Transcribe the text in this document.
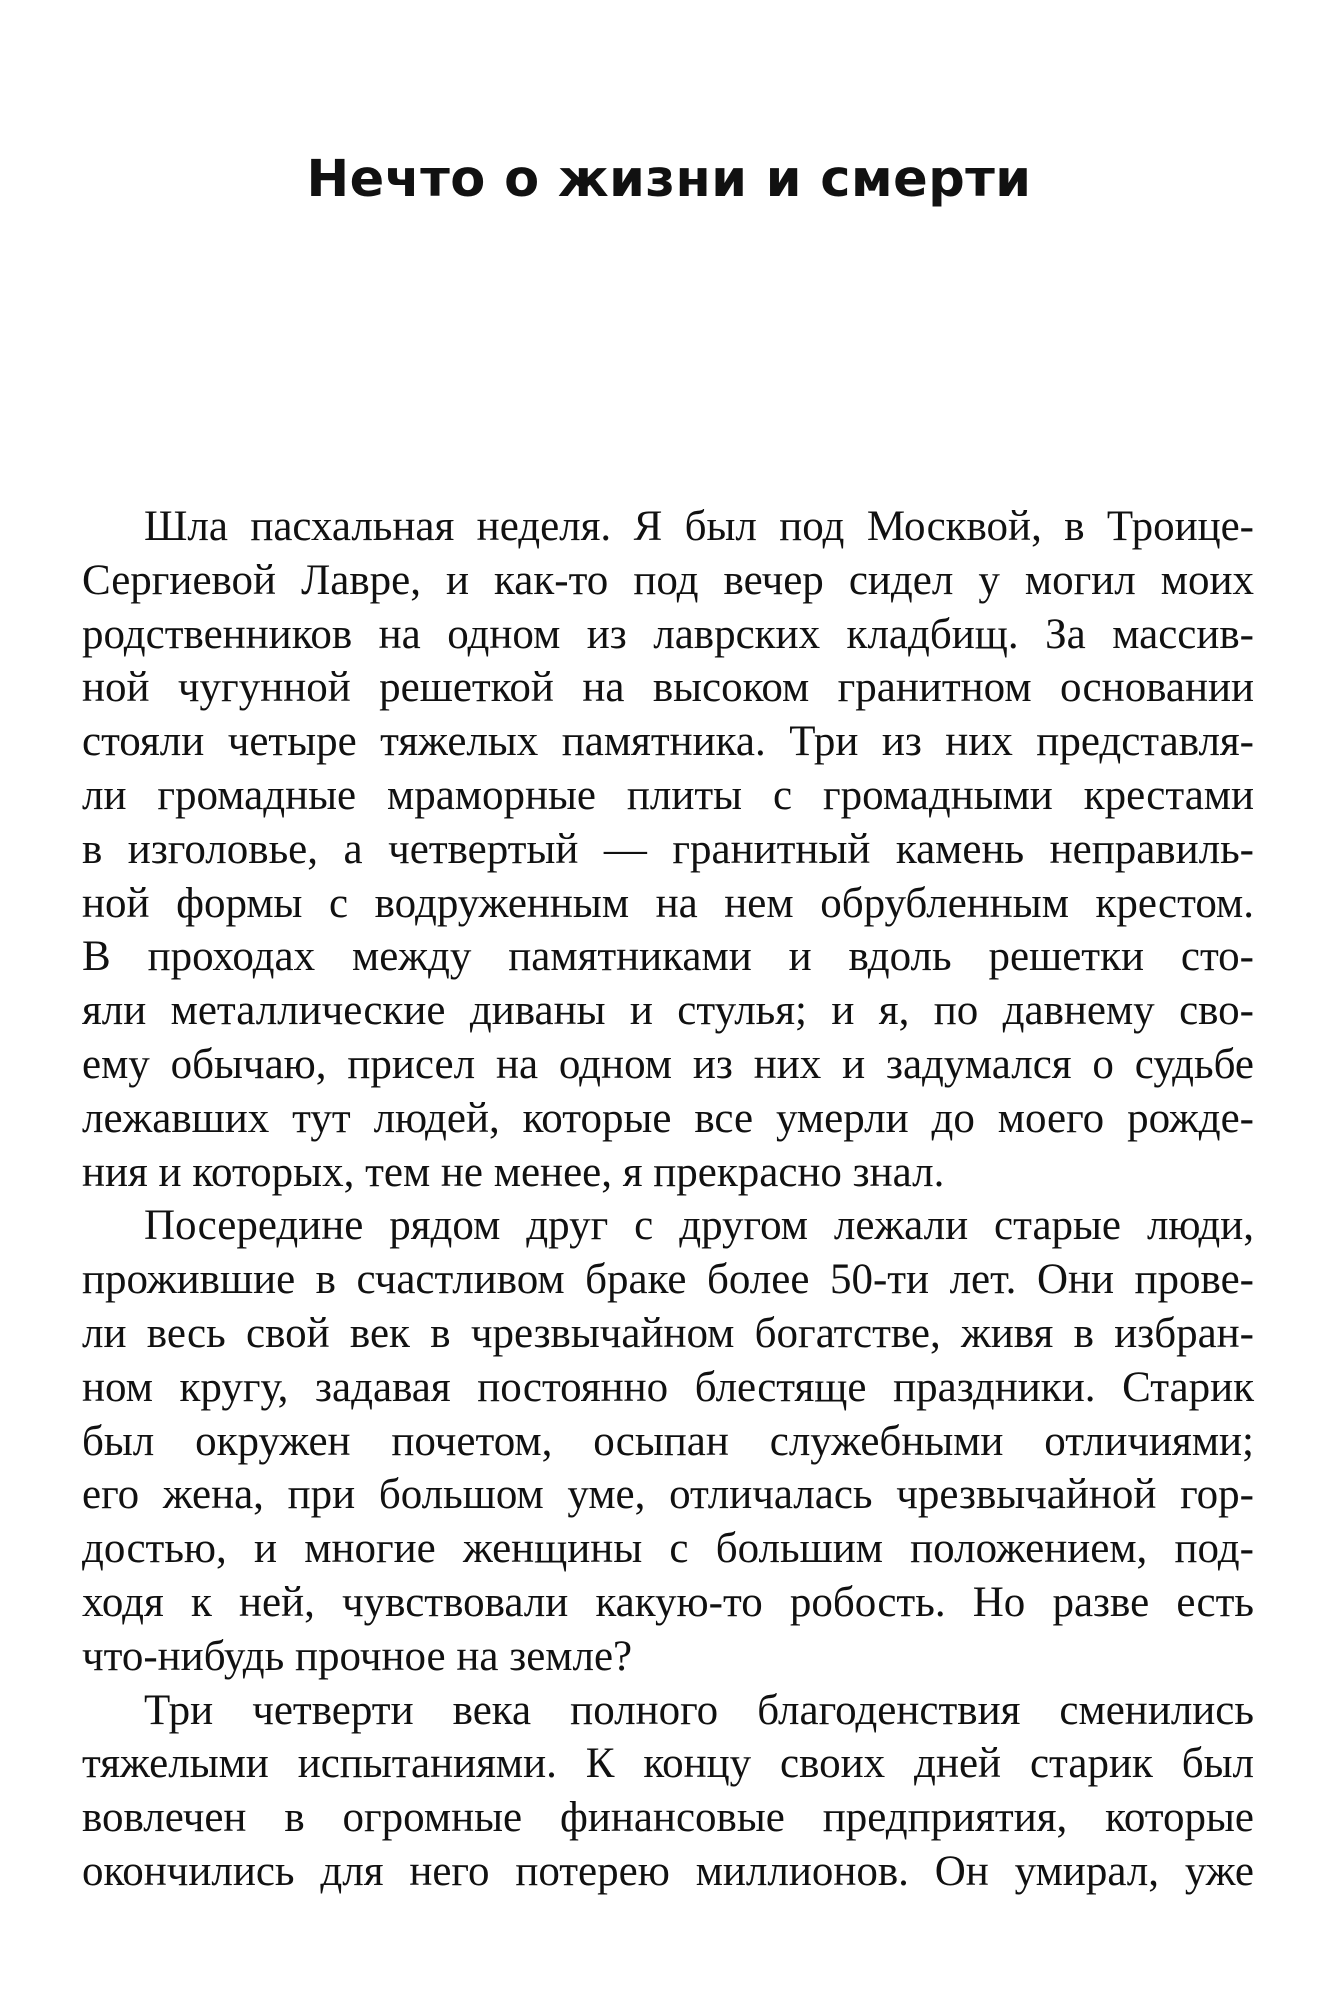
Нечто о жизни и смерти
Шла пасхальная неделя. Я был под Москвой, в Троице-
Сергиевой Лавре, и как-то под вечер сидел у могил моих
родственников на одном из лаврских кладбищ. За массив-
ной чугунной решеткой на высоком гранитном основании
стояли четыре тяжелых памятника. Три из них представля-
ли громадные мраморные плиты с громадными крестами
в изголовье, а четвертый — гранитный камень неправиль-
ной формы с водруженным на нем обрубленным крестом.
В проходах между памятниками и вдоль решетки сто-
яли металлические диваны и стулья; и я, по давнему сво-
ему обычаю, присел на одном из них и задумался о судьбе
лежавших тут людей, которые все умерли до моего рожде-
ния и которых, тем не менее, я прекрасно знал.
Посередине рядом друг с другом лежали старые люди,
прожившие в счастливом браке более 50-ти лет. Они прове-
ли весь свой век в чрезвычайном богатстве, живя в избран-
ном кругу, задавая постоянно блестяще праздники. Старик
был окружен почетом, осыпан служебными отличиями;
его жена, при большом уме, отличалась чрезвычайной гор-
достью, и многие женщины с большим положением, под-
ходя к ней, чувствовали какую-то робость. Но разве есть
что-нибудь прочное на земле?
Три четверти века полного благоденствия сменились
тяжелыми испытаниями. К концу своих дней старик был
вовлечен в огромные финансовые предприятия, которые
окончились для него потерею миллионов. Он умирал, уже
